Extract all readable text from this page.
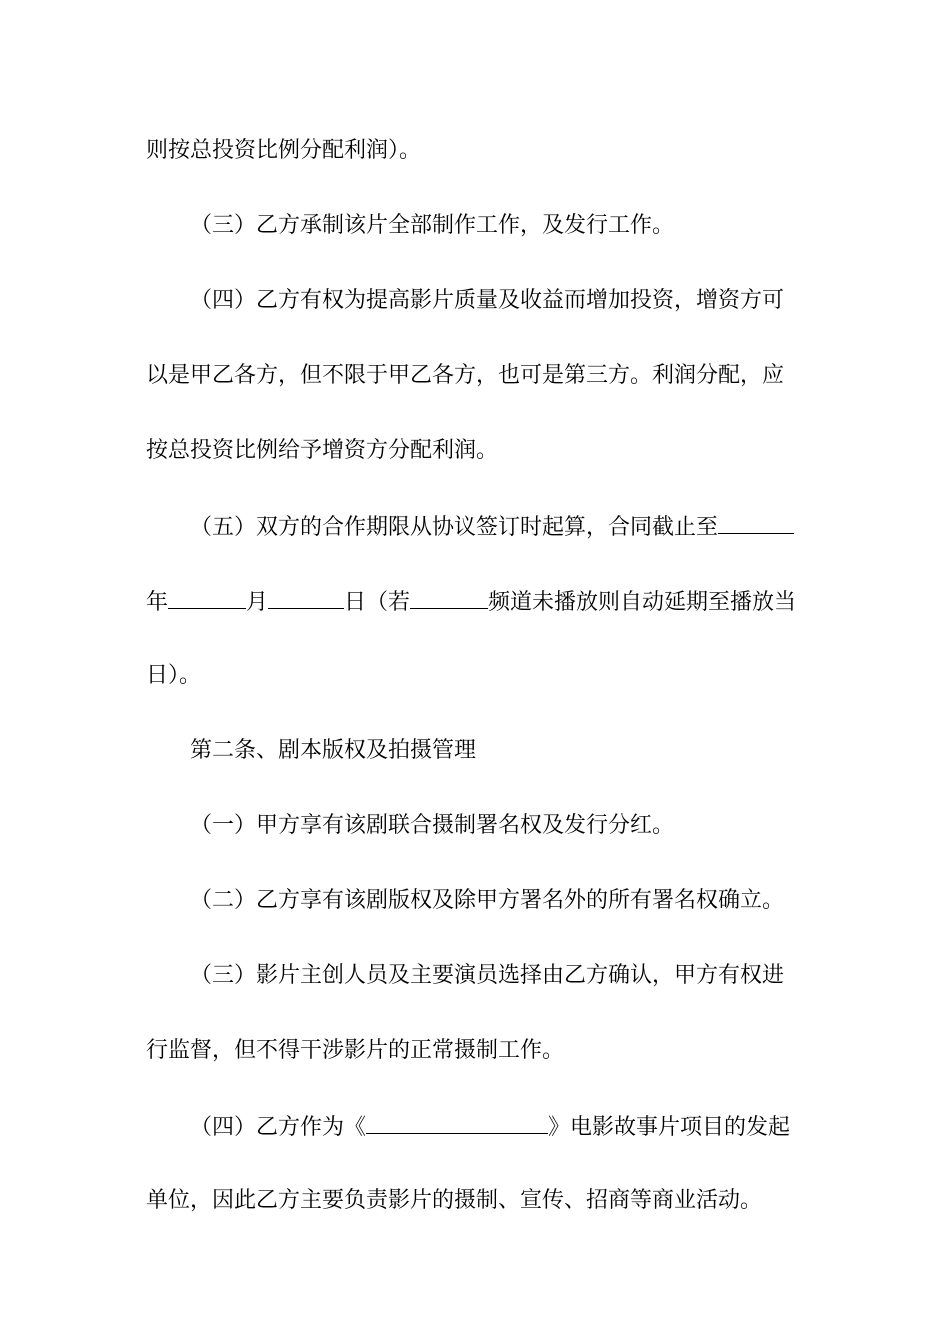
则按总投资比例分配利润）。
（三）乙方承制该片全部制作工作，及发行工作。
（四）乙方有权为提高影片质量及收益而增加投资，增资方可
以是甲乙各方，但不限于甲乙各方，也可是第三方。利润分配，应
按总投资比例给予增资方分配利润。
（五）双方的合作期限从协议签订时起算，合同截止至
年	月	日（若	频道未播放则自动延期至播放当
日）。
第二条、剧本版权及拍摄管理
（一）甲方享有该剧联合摄制署名权及发行分红。
（二）乙方享有该剧版权及除甲方署名外的所有署名权确立。
（三）影片主创人员及主要演员选择由乙方确认，甲方有权进
行监督，但不得干涉影片的正常摄制工作。
（四）乙方作为《	》电影故事片项目的发起
单位，因此乙方主要负责影片的摄制、宣传、招商等商业活动。
